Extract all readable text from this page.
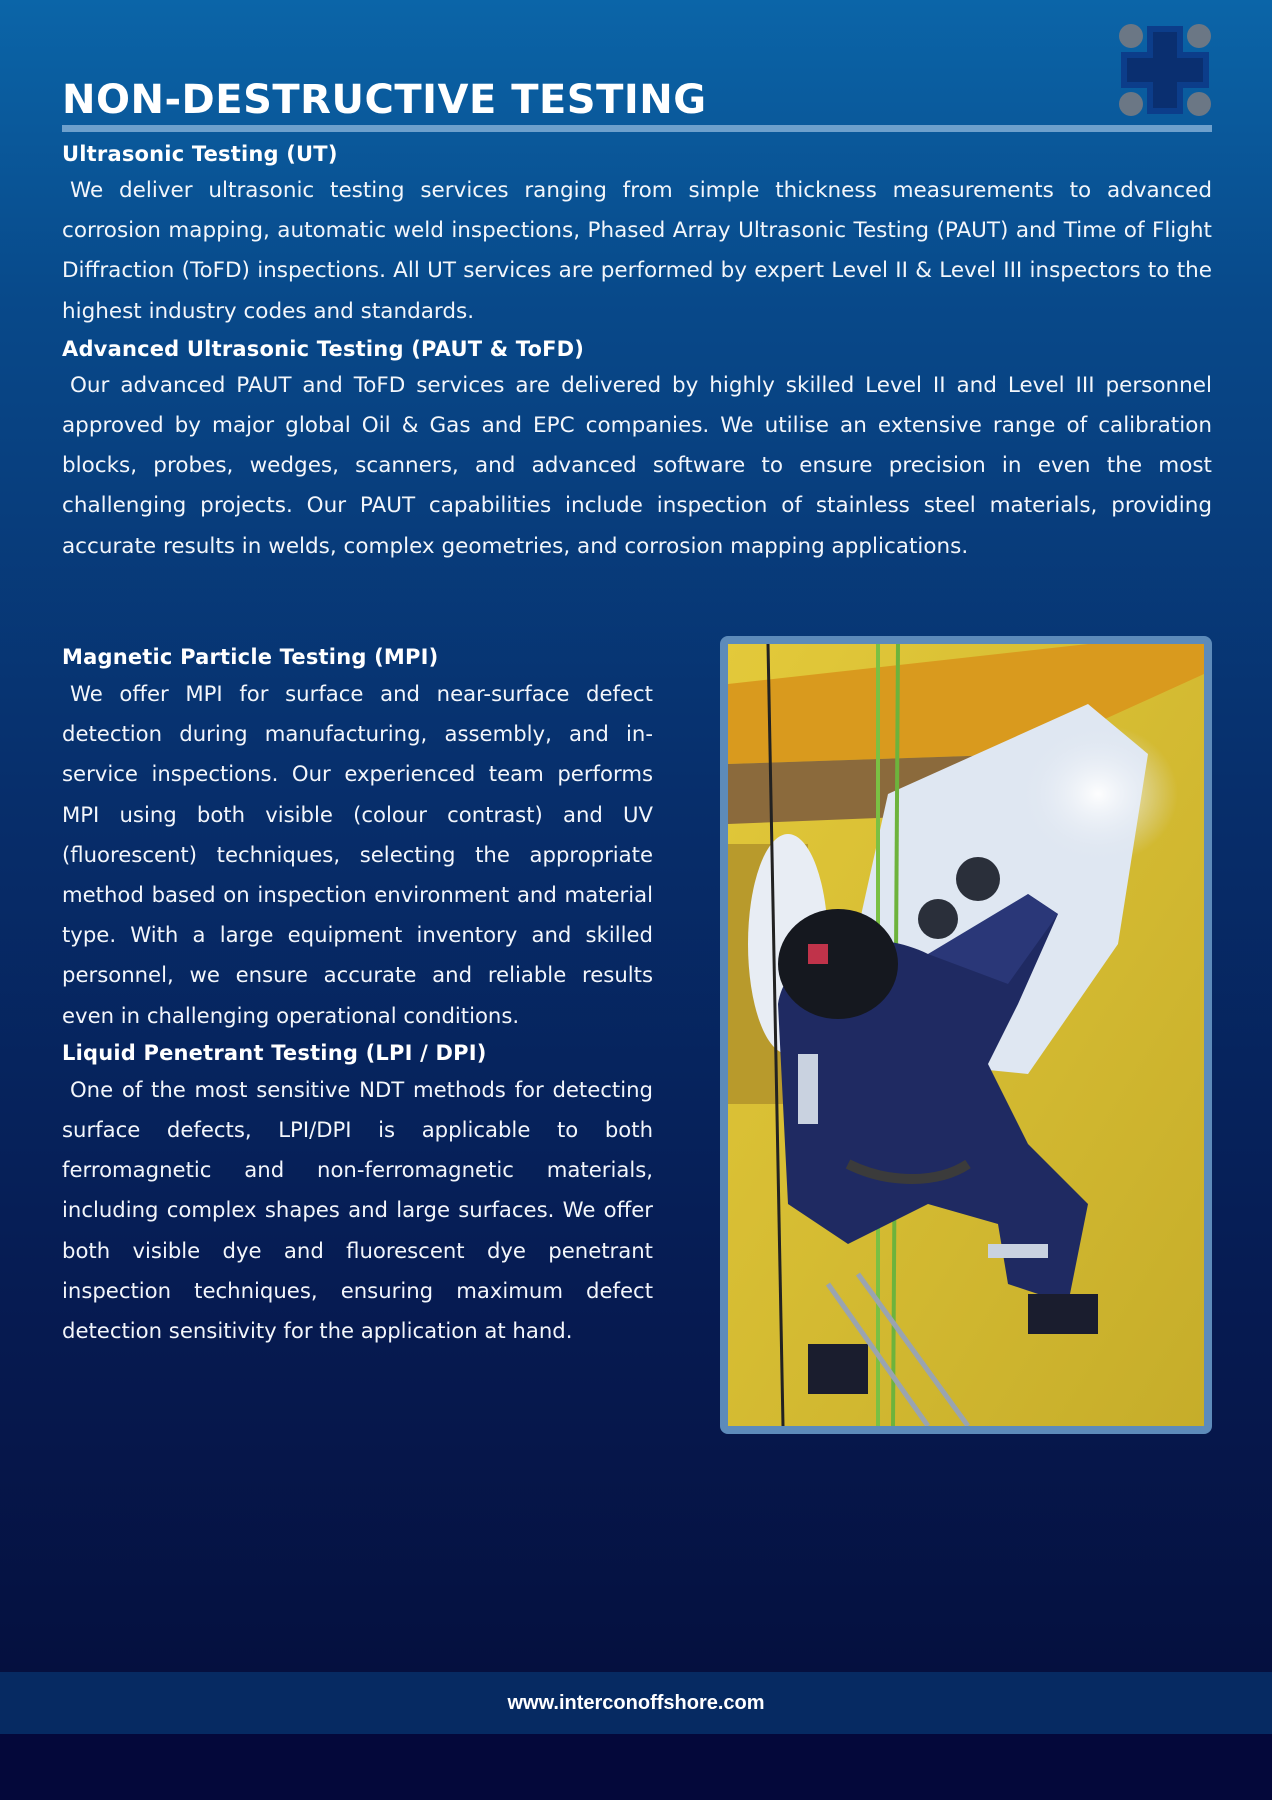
NON-DESTRUCTIVE TESTING
Ultrasonic Testing (UT)

We deliver ultrasonic testing services ranging from simple thickness measurements to advanced corrosion mapping, automatic weld inspections, Phased Array Ultrasonic Testing (PAUT) and Time of Flight Diffraction (ToFD) inspections. All UT services are performed by expert Level II & Level III inspectors to the highest industry codes and standards.

Advanced Ultrasonic Testing (PAUT & ToFD)

Our advanced PAUT and ToFD services are delivered by highly skilled Level II and Level III personnel approved by major global Oil & Gas and EPC companies. We utilise an extensive range of calibration blocks, probes, wedges, scanners, and advanced software to ensure precision in even the most challenging projects. Our PAUT capabilities include inspection of stainless steel materials, providing accurate results in welds, complex geometries, and corrosion mapping applications.

Magnetic Particle Testing (MPI)

We offer MPI for surface and near-surface defect detection during manufacturing, assembly, and in-service inspections. Our experienced team performs MPI using both visible (colour contrast) and UV (fluorescent) techniques, selecting the appropriate method based on inspection environment and material type. With a large equipment inventory and skilled personnel, we ensure accurate and reliable results even in challenging operational conditions.

Liquid Penetrant Testing (LPI / DPI)

One of the most sensitive NDT methods for detecting surface defects, LPI/DPI is applicable to both ferromagnetic and non-ferromagnetic materials, including complex shapes and large surfaces. We offer both visible dye and fluorescent dye penetrant inspection techniques, ensuring maximum defect detection sensitivity for the application at hand.

www.interconoffshore.com
